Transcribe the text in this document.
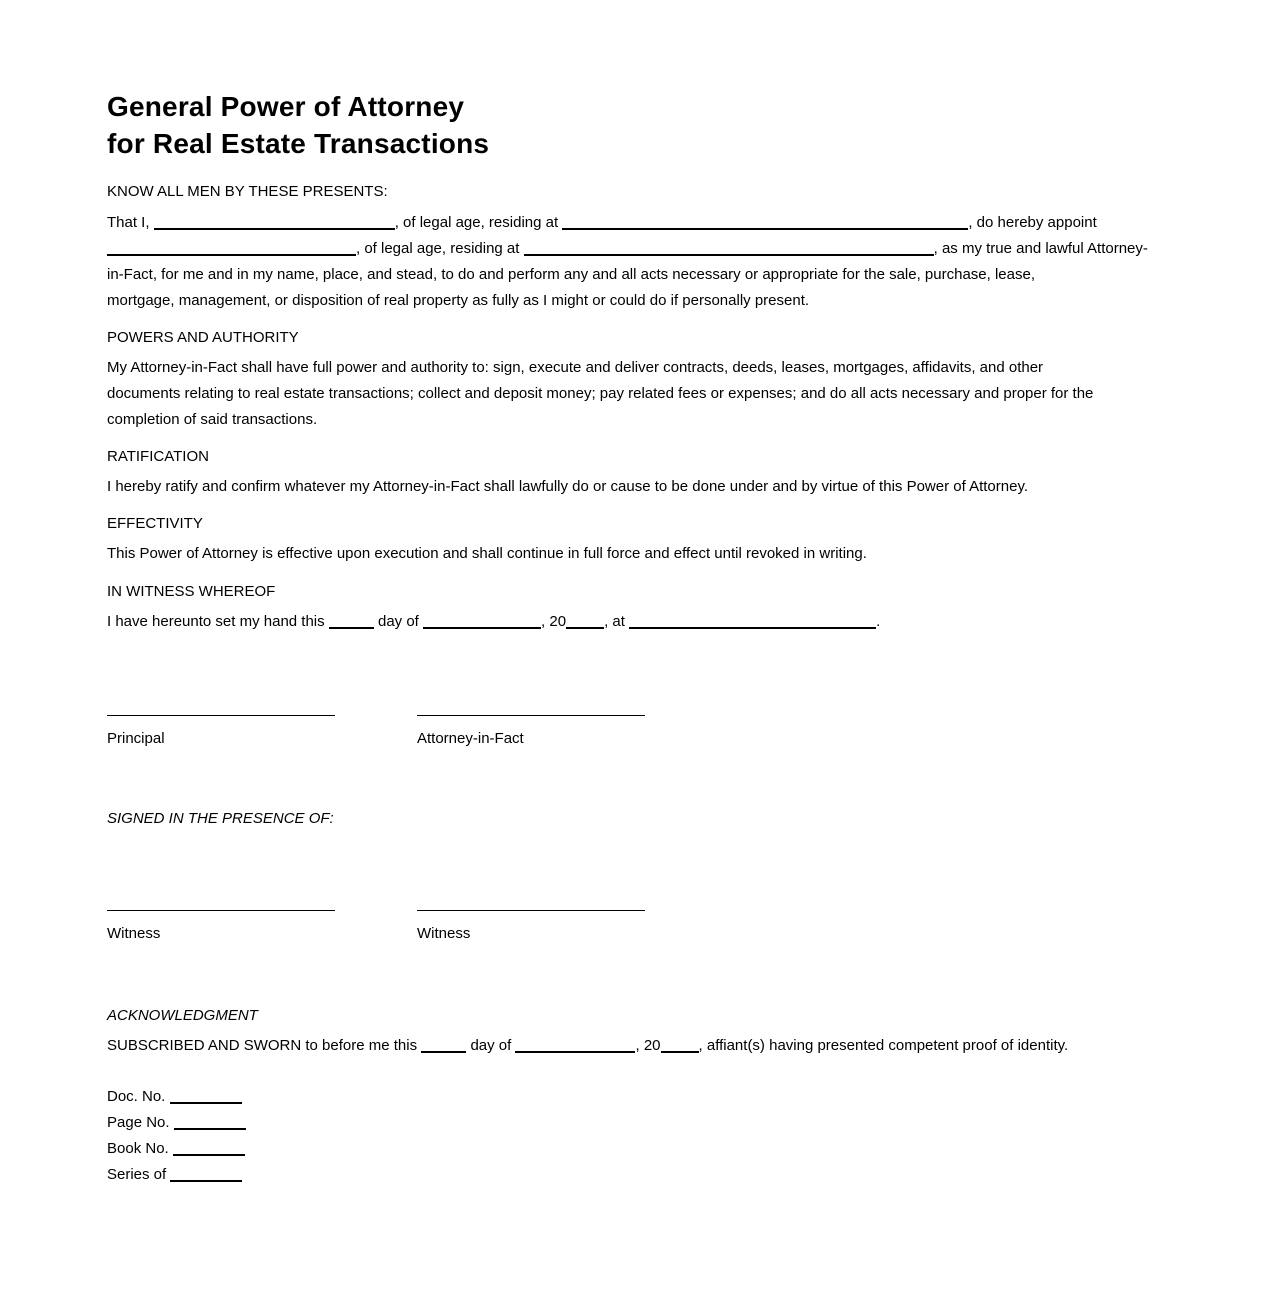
General Power of Attorney
for Real Estate Transactions
KNOW ALL MEN BY THESE PRESENTS:
That I,	, of legal age, residing at	, do hereby appoint
, of legal age, residing at	, as my true and lawful Attorney-
in-Fact, for me and in my name, place, and stead, to do and perform any and all acts necessary or appropriate for the sale, purchase, lease,
mortgage, management, or disposition of real property as fully as I might or could do if personally present.
POWERS AND AUTHORITY
My Attorney-in-Fact shall have full power and authority to: sign, execute and deliver contracts, deeds, leases, mortgages, affidavits, and other
documents relating to real estate transactions; collect and deposit money; pay related fees or expenses; and do all acts necessary and proper for the
completion of said transactions.
RATIFICATION
I hereby ratify and confirm whatever my Attorney-in-Fact shall lawfully do or cause to be done under and by virtue of this Power of Attorney.
EFFECTIVITY
This Power of Attorney is effective upon execution and shall continue in full force and effect until revoked in writing.
IN WITNESS WHEREOF
I have hereunto set my hand this	day of	, 20	, at	.
Principal	Attorney-in-Fact
SIGNED IN THE PRESENCE OF:
Witness	Witness
ACKNOWLEDGMENT
SUBSCRIBED AND SWORN to before me this	day of	, 20	, affiant(s) having presented competent proof of identity.
Doc. No.
Page No.
Book No.
Series of
